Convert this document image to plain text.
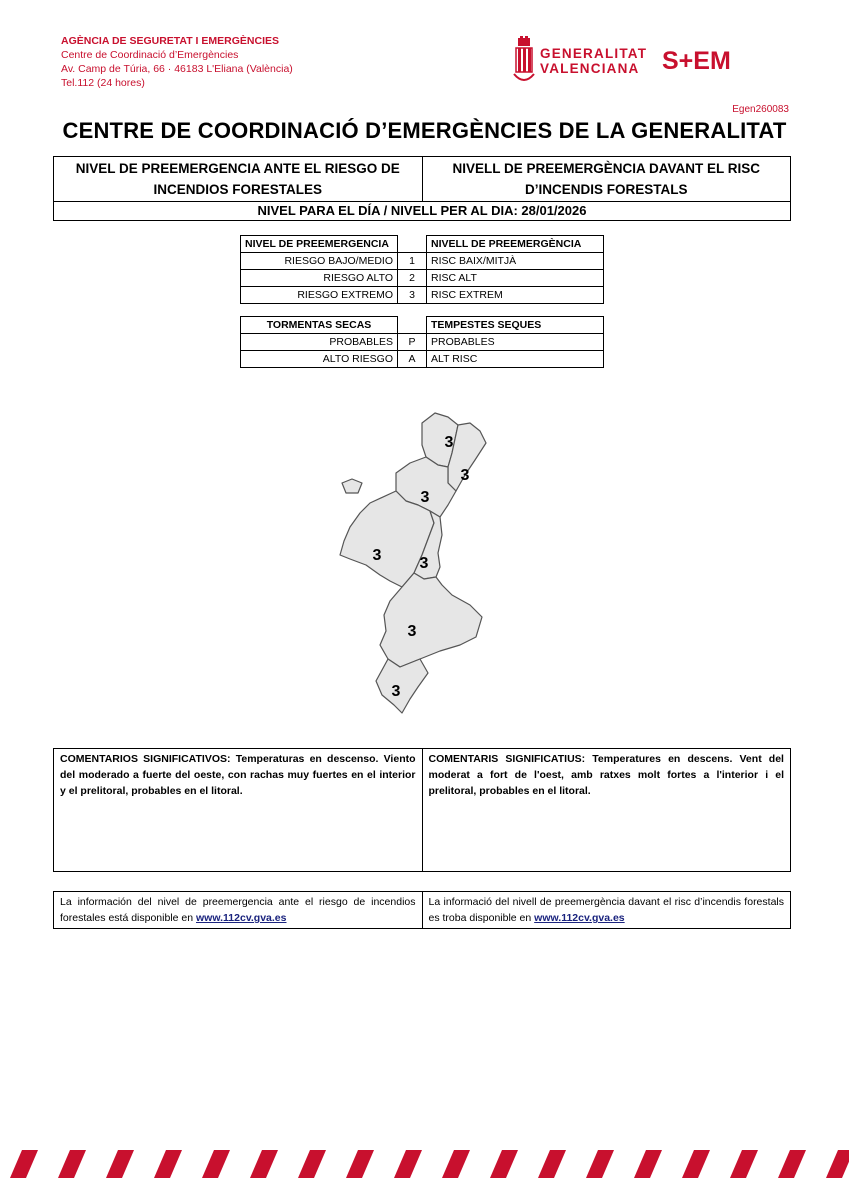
AGÈNCIA DE SEGURETAT I EMERGÈNCIES
Centre de Coordinació d’Emergències
Av. Camp de Túria, 66 · 46183 L'Eliana (València)
Tel.112 (24 hores)
GENERALITAT
VALENCIANA S+EM
Egen260083
CENTRE DE COORDINACIÓ D’EMERGÈNCIES DE LA GENERALITAT
NIVEL DE PREEMERGENCIA ANTE EL RIESGO DE INCENDIOS FORESTALES	NIVELL DE PREEMERGÈNCIA DAVANT EL RISC D’INCENDIS FORESTALS
NIVEL PARA EL DÍA / NIVELL PER AL DIA: 28/01/2026
NIVEL DE PREEMERGENCIA		NIVELL DE PREEMERGÈNCIA
RIESGO BAJO/MEDIO	1	RISC BAIX/MITJÀ
RIESGO ALTO	2	RISC ALT
RIESGO EXTREMO	3	RISC EXTREM
TORMENTAS SECAS		TEMPESTES SEQUES
PROBABLES	P	PROBABLES
ALTO RIESGO	A	ALT RISC
3
3
3
3 3
3
3
COMENTARIOS SIGNIFICATIVOS: Temperaturas en descenso. Viento del moderado a fuerte del oeste, con rachas muy fuertes en el interior y el prelitoral, probables en el litoral.	COMENTARIS SIGNIFICATIUS: Temperatures en descens. Vent del moderat a fort de l'oest, amb ratxes molt fortes a l'interior i el prelitoral, probables en el litoral.
La información del nivel de preemergencia ante el riesgo de incendios forestales está disponible en www.112cv.gva.es	La informació del nivell de preemergència davant el risc d’incendis forestals es troba disponible en www.112cv.gva.es
